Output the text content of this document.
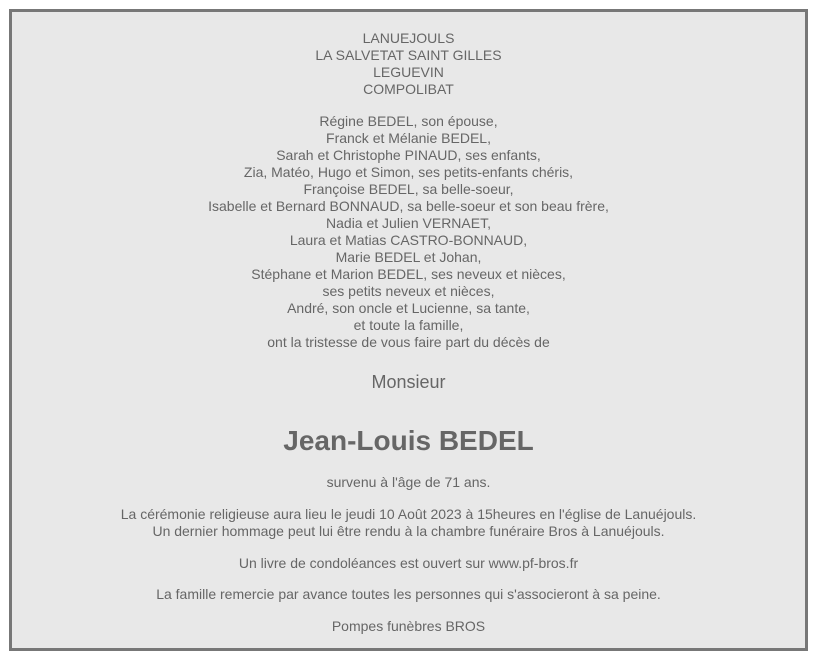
LANUEJOULS
LA SALVETAT SAINT GILLES
LEGUEVIN
COMPOLIBAT
Régine BEDEL, son épouse,
Franck et Mélanie BEDEL,
Sarah et Christophe PINAUD, ses enfants,
Zia, Matéo, Hugo et Simon, ses petits-enfants chéris,
Françoise BEDEL, sa belle-soeur,
Isabelle et Bernard BONNAUD, sa belle-soeur et son beau frère,
Nadia et Julien VERNAET,
Laura et Matias CASTRO-BONNAUD,
Marie BEDEL et Johan,
Stéphane et Marion BEDEL, ses neveux et nièces,
ses petits neveux et nièces,
André, son oncle et Lucienne, sa tante,
et toute la famille,
ont la tristesse de vous faire part du décès de
Monsieur
Jean-Louis BEDEL
survenu à l'âge de 71 ans.
La cérémonie religieuse aura lieu le jeudi 10 Août 2023 à 15heures en l'église de Lanuéjouls.
Un dernier hommage peut lui être rendu à la chambre funéraire Bros à Lanuéjouls.
Un livre de condoléances est ouvert sur www.pf-bros.fr
La famille remercie par avance toutes les personnes qui s'associeront à sa peine.
Pompes funèbres BROS
